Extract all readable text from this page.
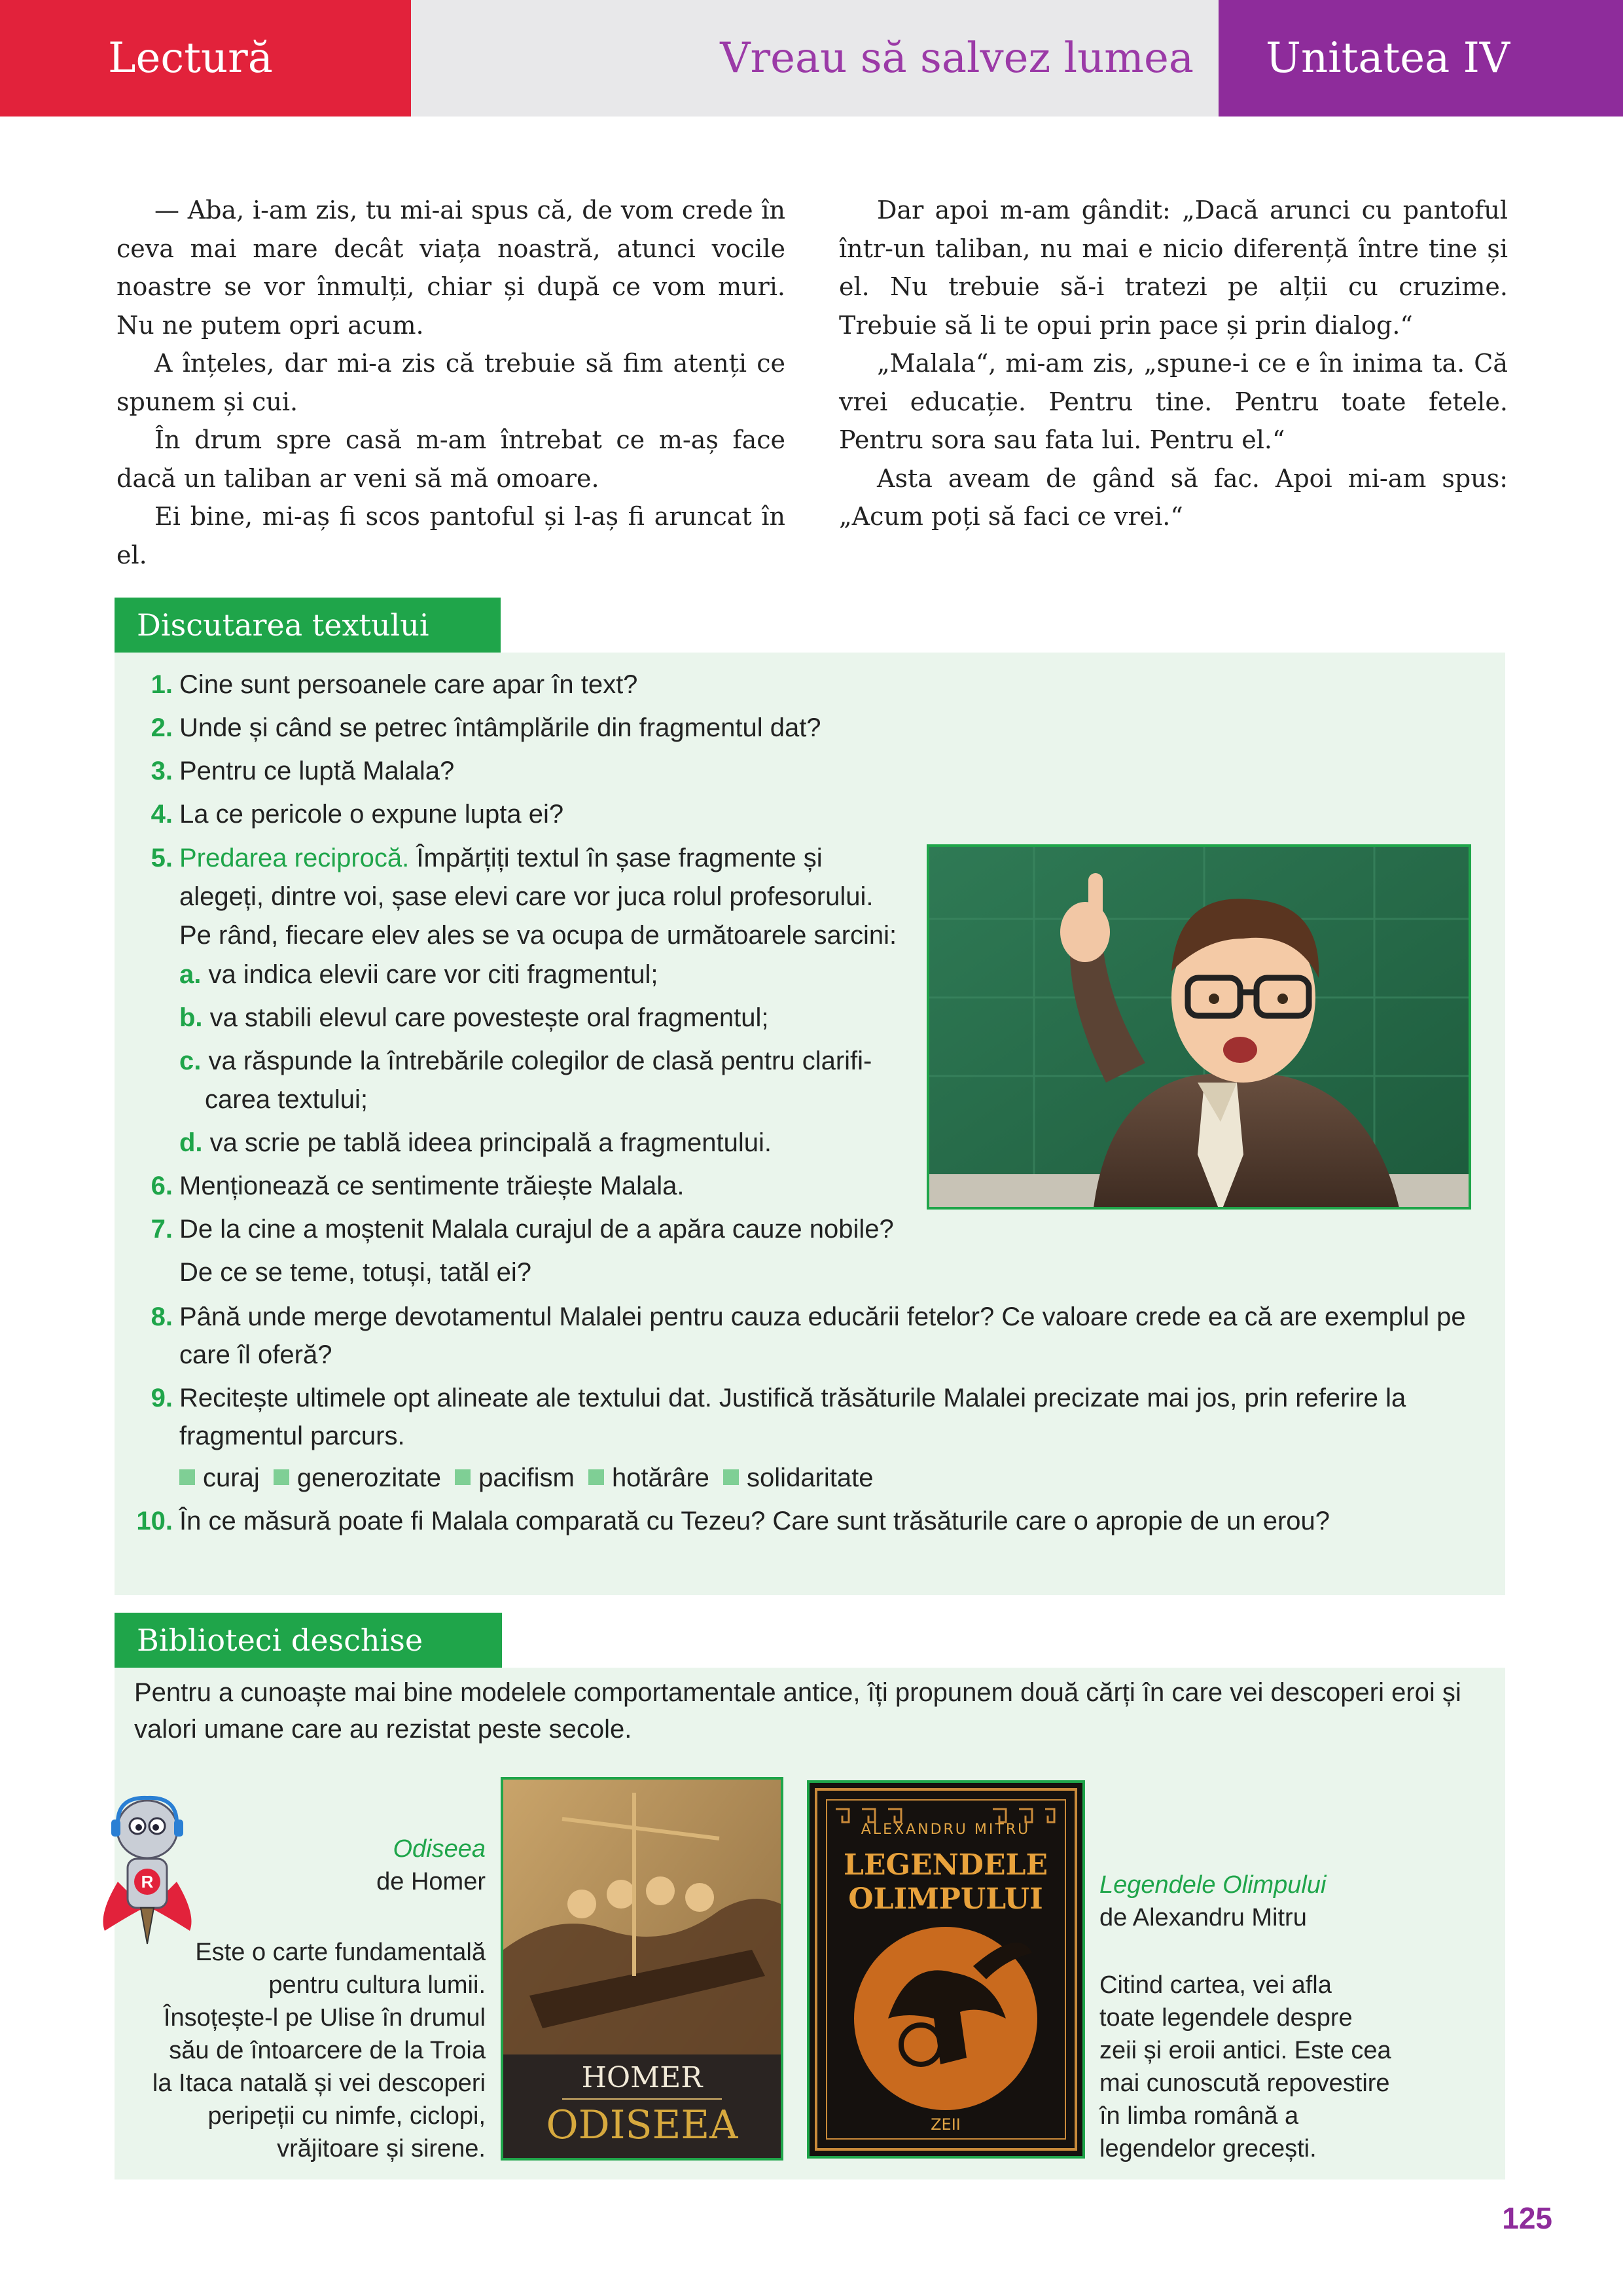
Lectură	Vreau să salvez lumea	Unitatea IV

— Aba, i-am zis, tu mi-ai spus că, de vom crede în ceva mai mare decât viața noastră, atunci vocile noastre se vor înmulți, chiar și după ce vom muri. Nu ne putem opri acum.

A înțeles, dar mi-a zis că trebuie să fim atenți ce spunem și cui.

În drum spre casă m-am întrebat ce m-aș face dacă un taliban ar veni să mă omoare.

Ei bine, mi-aș fi scos pantoful și l-aș fi aruncat în el.

Dar apoi m-am gândit: „Dacă arunci cu pantoful într-un taliban, nu mai e nicio diferență între tine și el. Nu trebuie să-i tratezi pe alții cu cruzime. Trebuie să li te opui prin pace și prin dialog.“

„Malala“, mi-am zis, „spune-i ce e în inima ta. Că vrei educație. Pentru tine. Pentru toate fetele. Pentru sora sau fata lui. Pentru el.“

Asta aveam de gând să fac. Apoi mi-am spus: „Acum poți să faci ce vrei.“

Discutarea textului
1. Cine sunt persoanele care apar în text?
2. Unde și când se petrec întâmplările din fragmentul dat?
3. Pentru ce luptă Malala?
4. La ce pericole o expune lupta ei?
5. Predarea reciprocă. Împărțiți textul în șase fragmente și
alegeți, dintre voi, șase elevi care vor juca rolul profesorului.
Pe rând, fiecare elev ales se va ocupa de următoarele sarcini:
a. va indica elevii care vor citi fragmentul;
b. va stabili elevul care povestește oral fragmentul;
c. va răspunde la întrebările colegilor de clasă pentru clarifi-
carea textului;
d. va scrie pe tablă ideea principală a fragmentului.
6. Menționează ce sentimente trăiește Malala.
7. De la cine a moștenit Malala curajul de a apăra cauze nobile?
De ce se teme, totuși, tatăl ei?
8. Până unde merge devotamentul Malalei pentru cauza educării fetelor? Ce valoare crede ea că are exemplul pe
care îl oferă?
9. Recitește ultimele opt alineate ale textului dat. Justifică trăsăturile Malalei precizate mai jos, prin referire la
fragmentul parcurs.
curaj generozitate pacifism hotărâre solidaritate
10. În ce măsură poate fi Malala comparată cu Tezeu? Care sunt trăsăturile care o apropie de un erou?
Biblioteci deschise
Pentru a cunoaște mai bine modelele comportamentale antice, îți propunem două cărți în care vei descoperi eroi și valori umane care au rezistat peste secole.
R
Odiseea
de Homer
Este o carte fundamentală
pentru cultura lumii.
Însoțește-l pe Ulise în drumul
său de întoarcere de la Troia
la Itaca natală și vei descoperi
peripeții cu nimfe, ciclopi,
vrăjitoare și sirene.
HOMER
ODISEEA
ALEXANDRU MITRU
LEGENDELE
OLIMPULUI
ZEII
Legendele Olimpului
de Alexandru Mitru
Citind cartea, vei afla
toate legendele despre
zeii și eroii antici. Este cea
mai cunoscută repovestire
în limba română a
legendelor grecești.
125
